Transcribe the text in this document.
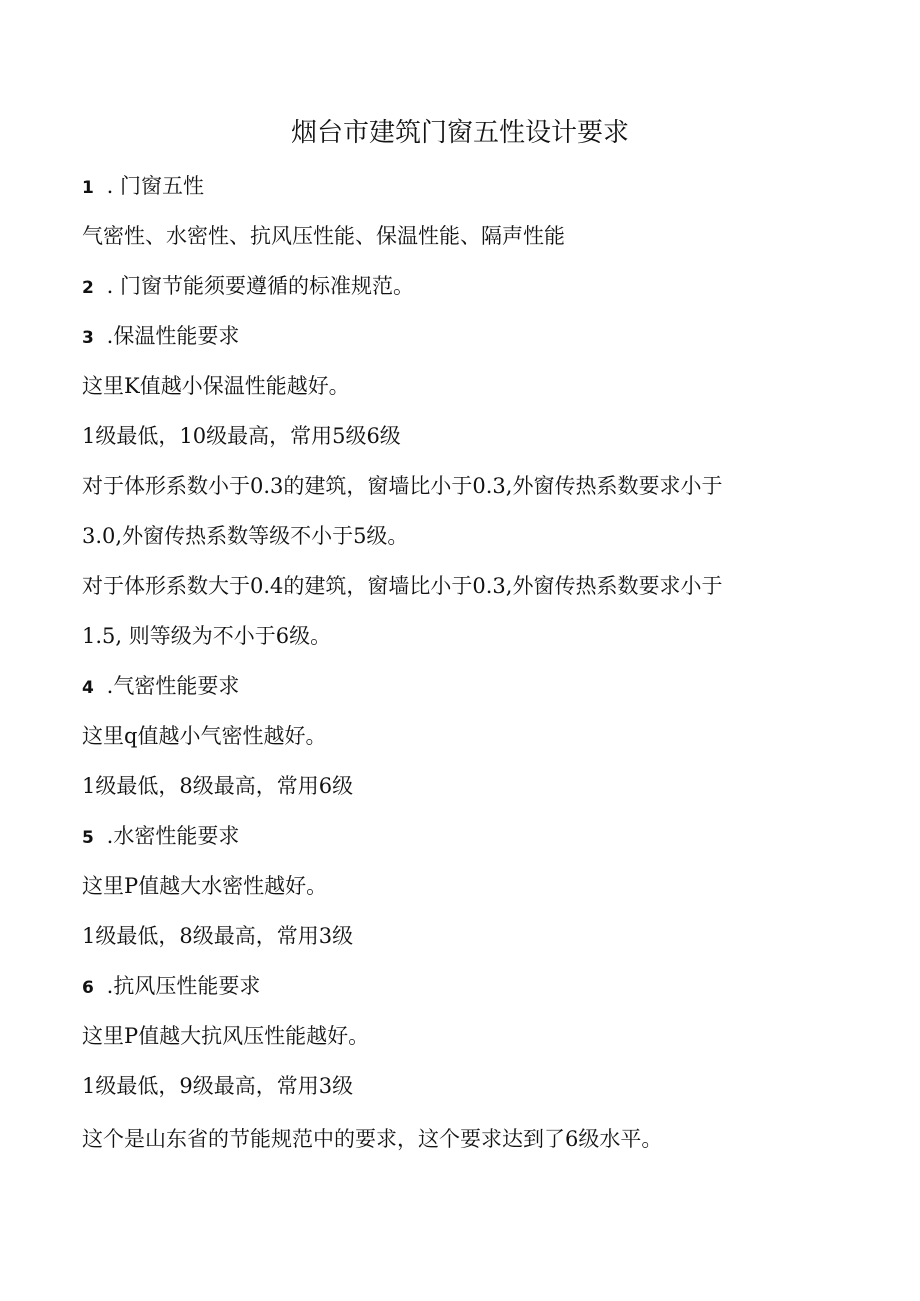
烟台市建筑门窗五性设计要求
1 . 门窗五性
气密性、水密性、抗风压性能、保温性能、隔声性能
2 . 门窗节能须要遵循的标准规范。
3 .保温性能要求
这里K值越小保温性能越好。
1级最低，10级最高，常用5级6级
对于体形系数小于0.3的建筑，窗墙比小于0.3,外窗传热系数要求小于
3.0,外窗传热系数等级不小于5级。
对于体形系数大于0.4的建筑，窗墙比小于0.3,外窗传热系数要求小于
1.5, 则等级为不小于6级。
4 .气密性能要求
这里q值越小气密性越好。
1级最低，8级最高，常用6级
5 .水密性能要求
这里P值越大水密性越好。
1级最低，8级最高，常用3级
6 .抗风压性能要求
这里P值越大抗风压性能越好。
1级最低，9级最高，常用3级
这个是山东省的节能规范中的要求，这个要求达到了6级水平。
